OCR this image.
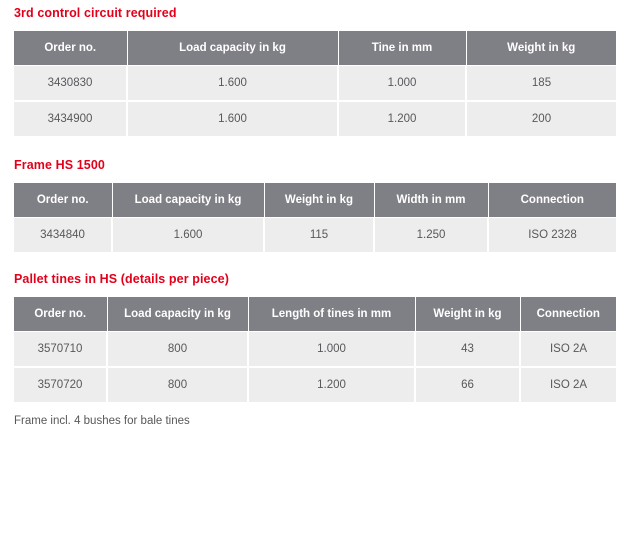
3rd control circuit required
Order no.	Load capacity in kg	Tine in mm	Weight in kg
3430830	1.600	1.000	185
3434900	1.600	1.200	200
Frame HS 1500
Order no.	Load capacity in kg	Weight in kg	Width in mm	Connection
3434840	1.600	115	1.250	ISO 2328
Pallet tines in HS (details per piece)
Order no.	Load capacity in kg	Length of tines in mm	Weight in kg	Connection
3570710	800	1.000	43	ISO 2A
3570720	800	1.200	66	ISO 2A
Frame incl. 4 bushes for bale tines
